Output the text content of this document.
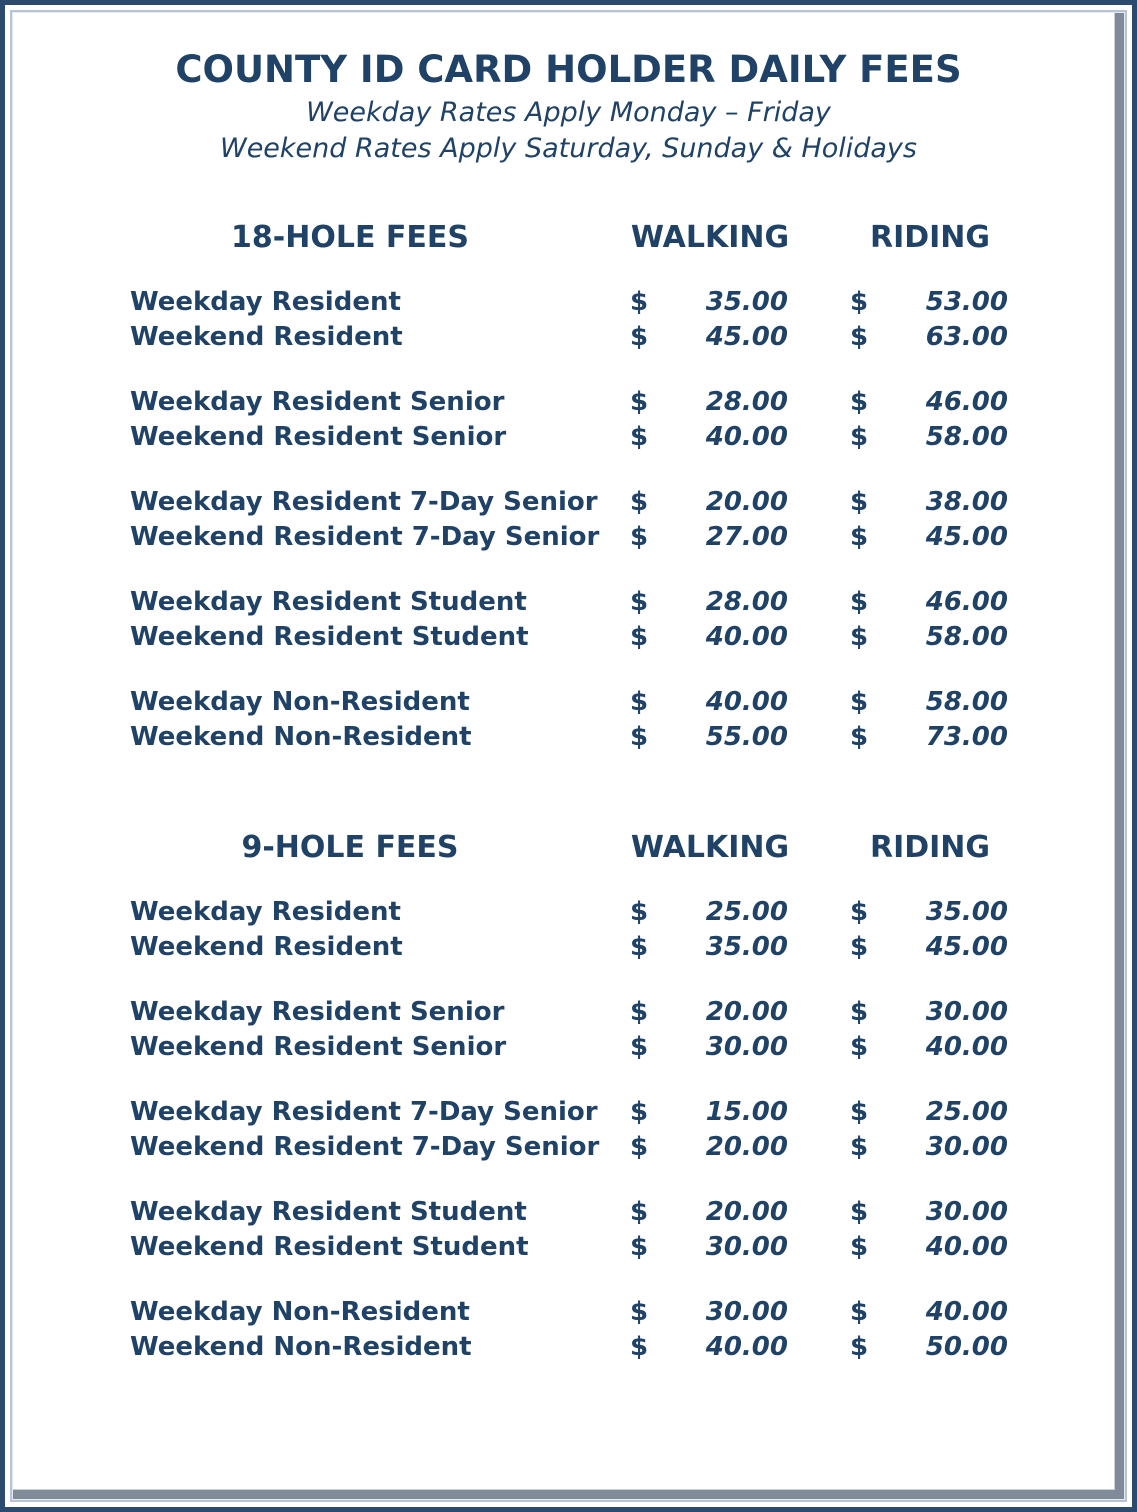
COUNTY ID CARD HOLDER DAILY FEES

Weekday Rates Apply Monday – Friday

Weekend Rates Apply Saturday, Sunday & Holidays

18-HOLE FEES	WALKING	RIDING
Weekday Resident	$	35.00 $	53.00
Weekend Resident	$	45.00 $	63.00
Weekday Resident Senior	$	28.00 $	46.00
Weekend Resident Senior	$	40.00 $	58.00
Weekday Resident 7-Day Senior $	20.00 $	38.00
Weekend Resident 7-Day Senior $	27.00 $	45.00
Weekday Resident Student	$	28.00 $	46.00
Weekend Resident Student	$	40.00 $	58.00
Weekday Non-Resident	$	40.00 $	58.00
Weekend Non-Resident	$	55.00 $	73.00
9-HOLE FEES	WALKING	RIDING
Weekday Resident	$	25.00 $	35.00
Weekend Resident	$	35.00 $	45.00
Weekday Resident Senior	$	20.00 $	30.00
Weekend Resident Senior	$	30.00 $	40.00
Weekday Resident 7-Day Senior $	15.00 $	25.00
Weekend Resident 7-Day Senior $	20.00 $	30.00
Weekday Resident Student	$	20.00 $	30.00
Weekend Resident Student	$	30.00 $	40.00
Weekday Non-Resident	$	30.00 $	40.00
Weekend Non-Resident	$	40.00 $	50.00
